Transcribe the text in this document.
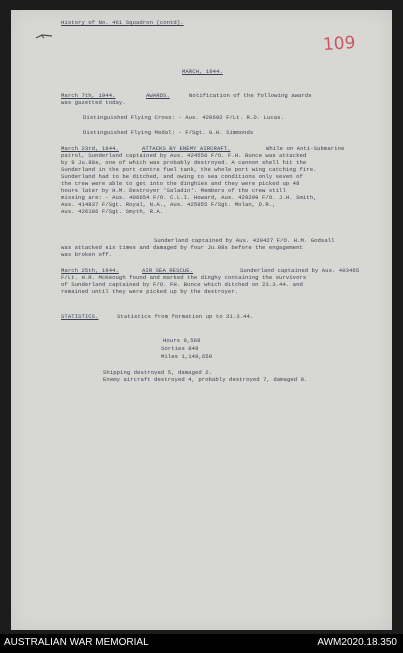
History of No. 461 Squadron (contd).
109
MARCH, 1944.
March 7th, 1944.	AWARDS.	Notification of the following awards
was gazetted today.
Distinguished Flying Cross: - Aus. 420692 F/Lt. R.D. Lucas.
Distinguished Flying Medal: - F/Sgt. G.H. Simmonds
March 23rd, 1944.	ATTACKS BY ENEMY AIRCRAFT.	While on Anti-Submarine
patrol, Sunderland captained by Aus. 424550 F/O. F.H. Bunce was attacked
by 9 Ju.88s, one of which was probably destroyed. A cannon shell hit the
Sunderland in the port centre fuel tank, the whole port wing catching fire.
Sunderland had to be ditched, and owing to sea conditions only seven of
the crew were able to get into the dinghies and they were picked up 48
hours later by H.M. Destroyer 'Saladin'. Members of the crew still
missing are: - Aus. 406654 F/O. C.L.I. Howard, Aus. 429299 F/O. J.H. Smith,
Aus. 414837 F/Sgt. Royal, N.A., Aus. 425955 F/Sgt. Molan, D.R.,
Aus. 426186 F/Sgt. Smyth, R.A.
Sunderland captained by Aus. 429427 F/O. H.M. Godsall
was attacked six times and damaged by four Ju.88s before the engagement
was broken off.
March 25th, 1944.	AIR SEA RESCUE.	Sunderland captained by Aus. 403465
F/Lt. H.R. McKeough found and marked the dinghy containing the survivors
of Sunderland captained by F/O. FH. Bunce which ditched on 23.3.44. and
remained until they were picked up by the destroyer.
STATISTICS.	Statistics from formation up to 31.3.44.
Hours 9,568
Sorties 849
Miles 1,149,650
Shipping destroyed 5, damaged 2.
Enemy aircraft destroyed 4, probably destroyed 7, damaged 8.
AUSTRALIAN WAR MEMORIAL	AWM2020.18.350
